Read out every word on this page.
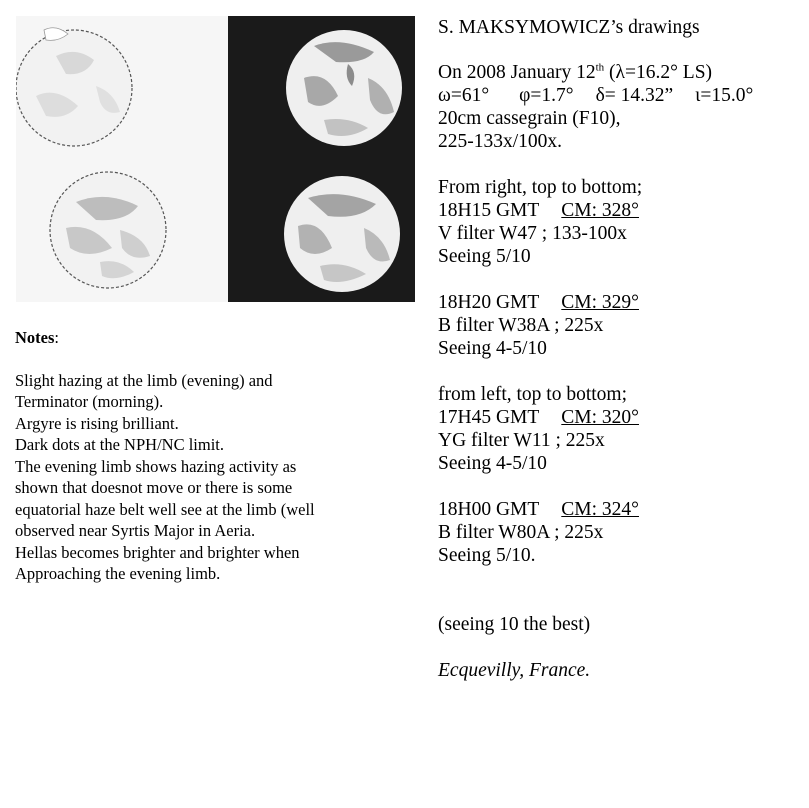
S. MAKSYMOWICZ’s drawings
On 2008 January 12th (λ=16.2° LS)
ω=61° φ=1.7° δ= 14.32” ι=15.0°
20cm cassegrain (F10),
225-133x/100x.
From right, top to bottom;
18H15 GMT CM: 328°
V filter W47 ; 133-100x
Seeing 5/10
18H20 GMT CM: 329°
B filter W38A ; 225x
Seeing 4-5/10
from left, top to bottom;
17H45 GMT CM: 320°
YG filter W11 ; 225x
Seeing 4-5/10
18H00 GMT CM: 324°
B filter W80A ; 225x
Seeing 5/10.
(seeing 10 the best)
Ecquevilly, France.
Notes:
Slight hazing at the limb (evening) and
Terminator (morning).
Argyre is rising brilliant.
Dark dots at the NPH/NC limit.
The evening limb shows hazing activity as
shown that doesnot move or there is some
equatorial haze belt well see at the limb (well
observed near Syrtis Major in Aeria.
Hellas becomes brighter and brighter when
Approaching the evening limb.
